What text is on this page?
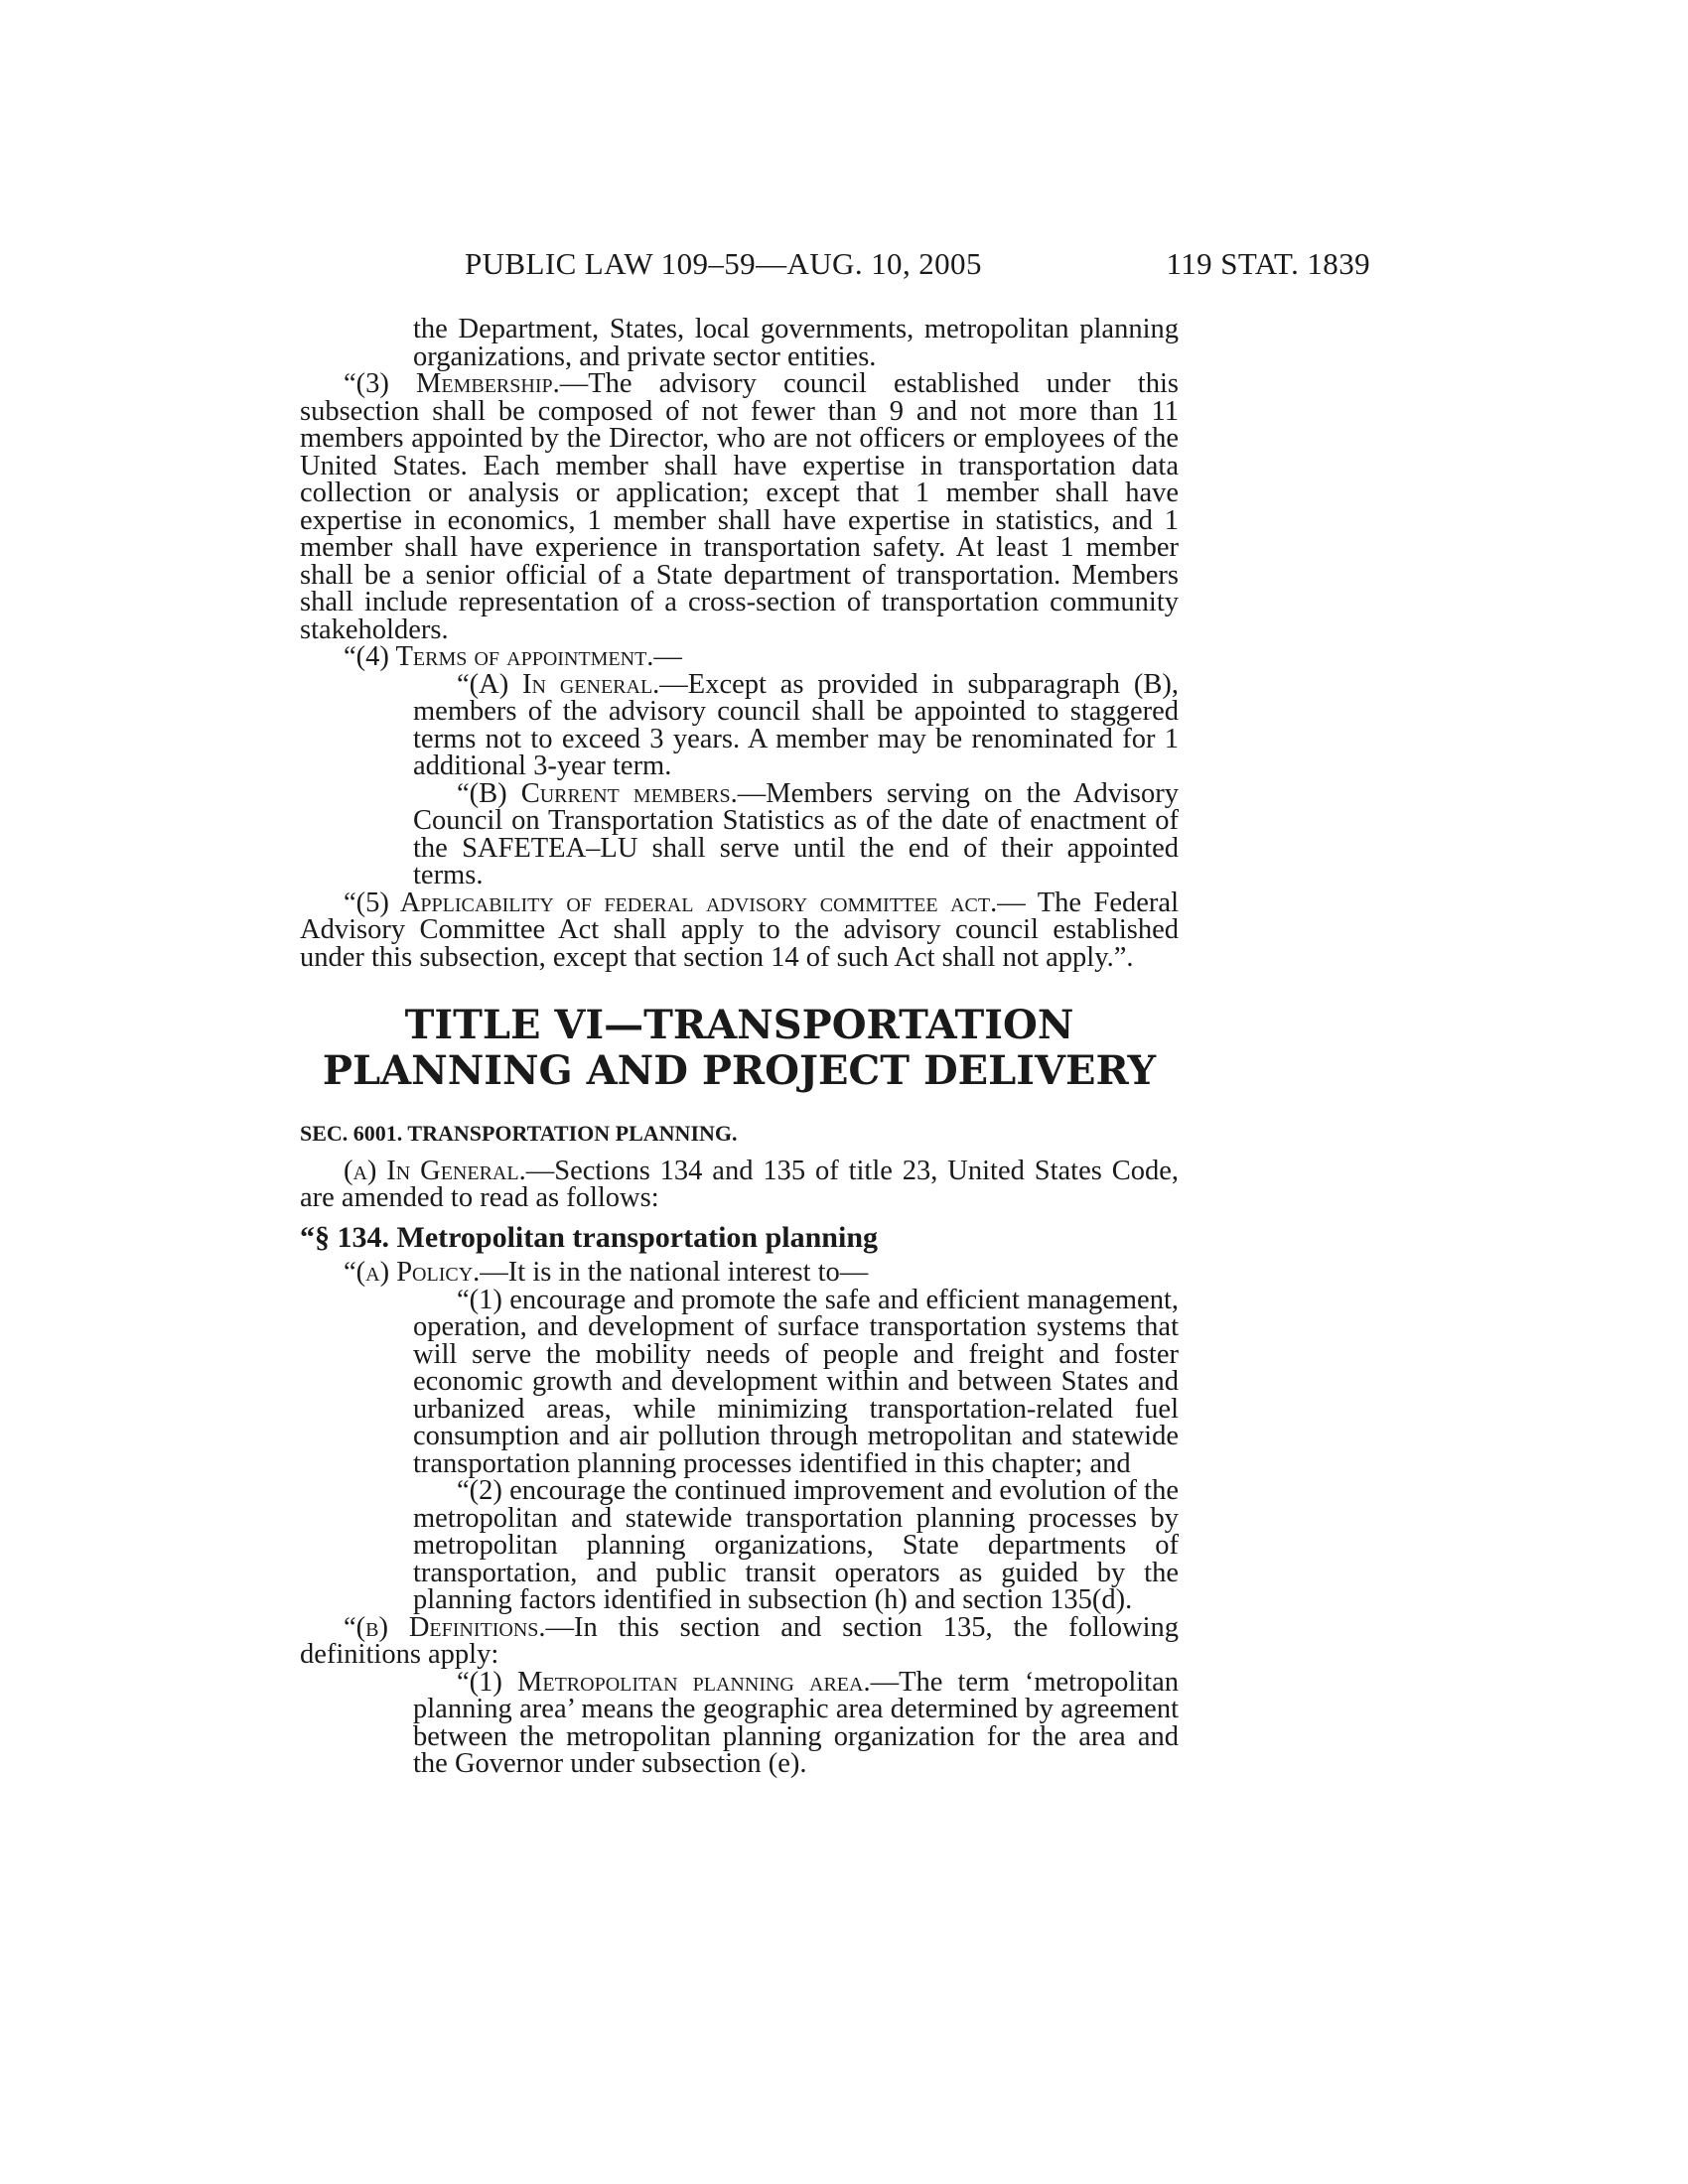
PUBLIC LAW 109–59—AUG. 10, 2005	119 STAT. 1839

the Department, States, local governments, metropolitan planning organizations, and private sector entities.

“(3) Membership.—The advisory council established under this subsection shall be composed of not fewer than 9 and not more than 11 members appointed by the Director, who are not officers or employees of the United States. Each member shall have expertise in transportation data collection or analysis or application; except that 1 member shall have expertise in economics, 1 member shall have expertise in statistics, and 1 member shall have experience in transportation safety. At least 1 member shall be a senior official of a State department of transportation. Members shall include representation of a cross-section of transportation community stakeholders.

“(4) Terms of appointment.—

“(A) In general.—Except as provided in subparagraph (B), members of the advisory council shall be appointed to staggered terms not to exceed 3 years. A member may be renominated for 1 additional 3-year term.

“(B) Current members.—Members serving on the Advisory Council on Transportation Statistics as of the date of enactment of the SAFETEA–LU shall serve until the end of their appointed terms.

“(5) Applicability of federal advisory committee act.— The Federal Advisory Committee Act shall apply to the advisory council established under this subsection, except that section 14 of such Act shall not apply.”.

TITLE VI—TRANSPORTATION
PLANNING AND PROJECT DELIVERY
SEC. 6001. TRANSPORTATION PLANNING.

(a) In General.—Sections 134 and 135 of title 23, United States Code, are amended to read as follows:

“§ 134. Metropolitan transportation planning

“(a) Policy.—It is in the national interest to—

“(1) encourage and promote the safe and efficient management, operation, and development of surface transportation systems that will serve the mobility needs of people and freight and foster economic growth and development within and between States and urbanized areas, while minimizing transportation-related fuel consumption and air pollution through metropolitan and statewide transportation planning processes identified in this chapter; and

“(2) encourage the continued improvement and evolution of the metropolitan and statewide transportation planning processes by metropolitan planning organizations, State departments of transportation, and public transit operators as guided by the planning factors identified in subsection (h) and section 135(d).

“(b) Definitions.—In this section and section 135, the following definitions apply:

“(1) Metropolitan planning area.—The term ‘metropolitan planning area’ means the geographic area determined by agreement between the metropolitan planning organization for the area and the Governor under subsection (e).
